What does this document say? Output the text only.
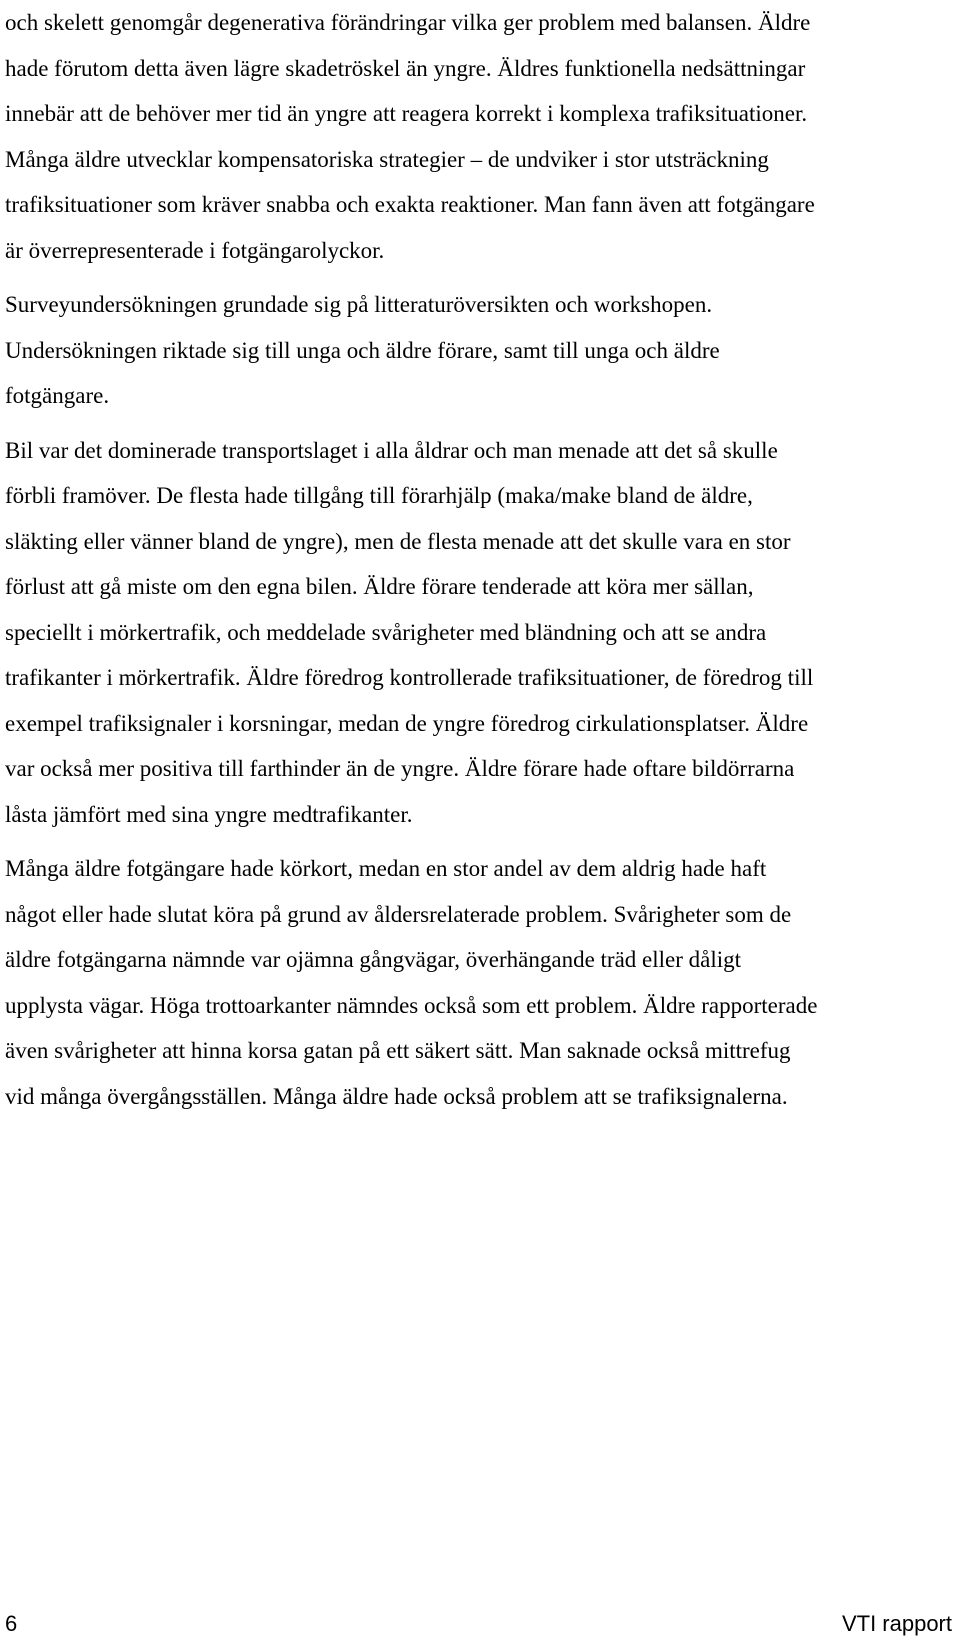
och skelett genomgår degenerativa förändringar vilka ger problem med balansen. Äldre
hade förutom detta även lägre skadetröskel än yngre. Äldres funktionella nedsättningar
innebär att de behöver mer tid än yngre att reagera korrekt i komplexa trafiksituationer.
Många äldre utvecklar kompensatoriska strategier – de undviker i stor utsträckning
trafiksituationer som kräver snabba och exakta reaktioner. Man fann även att fotgängare
är överrepresenterade i fotgängarolyckor.

Surveyundersökningen grundade sig på litteraturöversikten och workshopen.
Undersökningen riktade sig till unga och äldre förare, samt till unga och äldre
fotgängare.

Bil var det dominerade transportslaget i alla åldrar och man menade att det så skulle
förbli framöver. De flesta hade tillgång till förarhjälp (maka/make bland de äldre,
släkting eller vänner bland de yngre), men de flesta menade att det skulle vara en stor
förlust att gå miste om den egna bilen. Äldre förare tenderade att köra mer sällan,
speciellt i mörkertrafik, och meddelade svårigheter med bländning och att se andra
trafikanter i mörkertrafik. Äldre föredrog kontrollerade trafiksituationer, de föredrog till
exempel trafiksignaler i korsningar, medan de yngre föredrog cirkulationsplatser. Äldre
var också mer positiva till farthinder än de yngre. Äldre förare hade oftare bildörrarna
låsta jämfört med sina yngre medtrafikanter.

Många äldre fotgängare hade körkort, medan en stor andel av dem aldrig hade haft
något eller hade slutat köra på grund av åldersrelaterade problem. Svårigheter som de
äldre fotgängarna nämnde var ojämna gångvägar, överhängande träd eller dåligt
upplysta vägar. Höga trottoarkanter nämndes också som ett problem. Äldre rapporterade
även svårigheter att hinna korsa gatan på ett säkert sätt. Man saknade också mittrefug
vid många övergångsställen. Många äldre hade också problem att se trafiksignalerna.

6	VTI rapport
